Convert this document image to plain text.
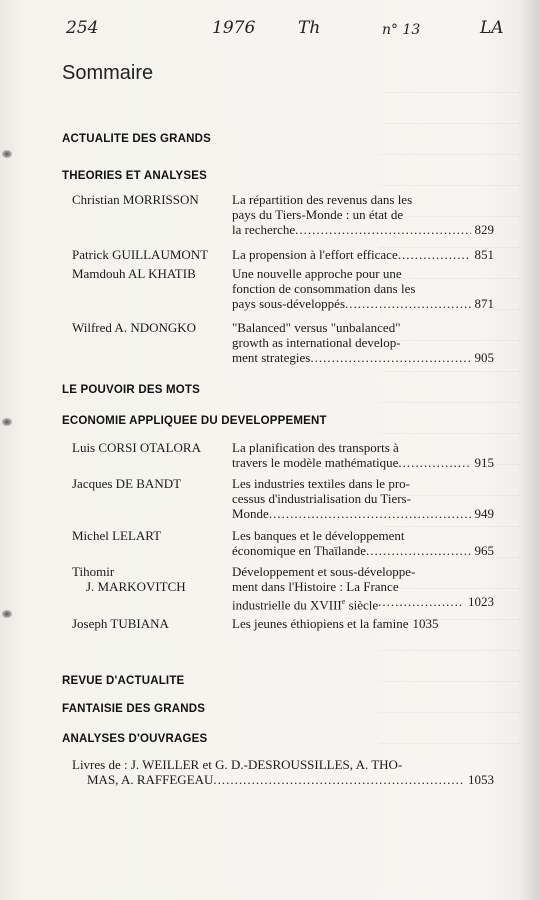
254	1976	Th	n° 13	LA
Sommaire
ACTUALITE DES GRANDS
THEORIES ET ANALYSES
Christian MORRISSON	La répartition des revenus dans les
pays du Tiers-Monde : un état de
la recherche .....	829
Patrick GUILLAUMONT	La propension à l'effort efficace .....	851
Mamdouh AL KHATIB	Une nouvelle approche pour une
fonction de consommation dans les
pays sous-développés .....	871
Wilfred A. NDONGKO	"Balanced" versus "unbalanced"
growth as international develop-
ment strategies .....	905
LE POUVOIR DES MOTS
ECONOMIE APPLIQUEE DU DEVELOPPEMENT
Luis CORSI OTALORA	La planification des transports à
travers le modèle mathématique .....	915
Jacques DE BANDT	Les industries textiles dans le pro-
cessus d'industrialisation du Tiers-
Monde .....	949
Michel LELART	Les banques et le développement
économique en Thaïlande .....	965
Tihomir
J. MARKOVITCH
Développement et sous-développe-
ment dans l'Histoire : La France
industrielle du XVIIIe siècle .....	1023
Joseph TUBIANA	Les jeunes éthiopiens et la famine 1035
REVUE D'ACTUALITE
FANTAISIE DES GRANDS
ANALYSES D'OUVRAGES
Livres de : J. WEILLER et G. D.-DESROUSSILLES, A. THO-
MAS, A. RAFFEGEAU .....	1053
